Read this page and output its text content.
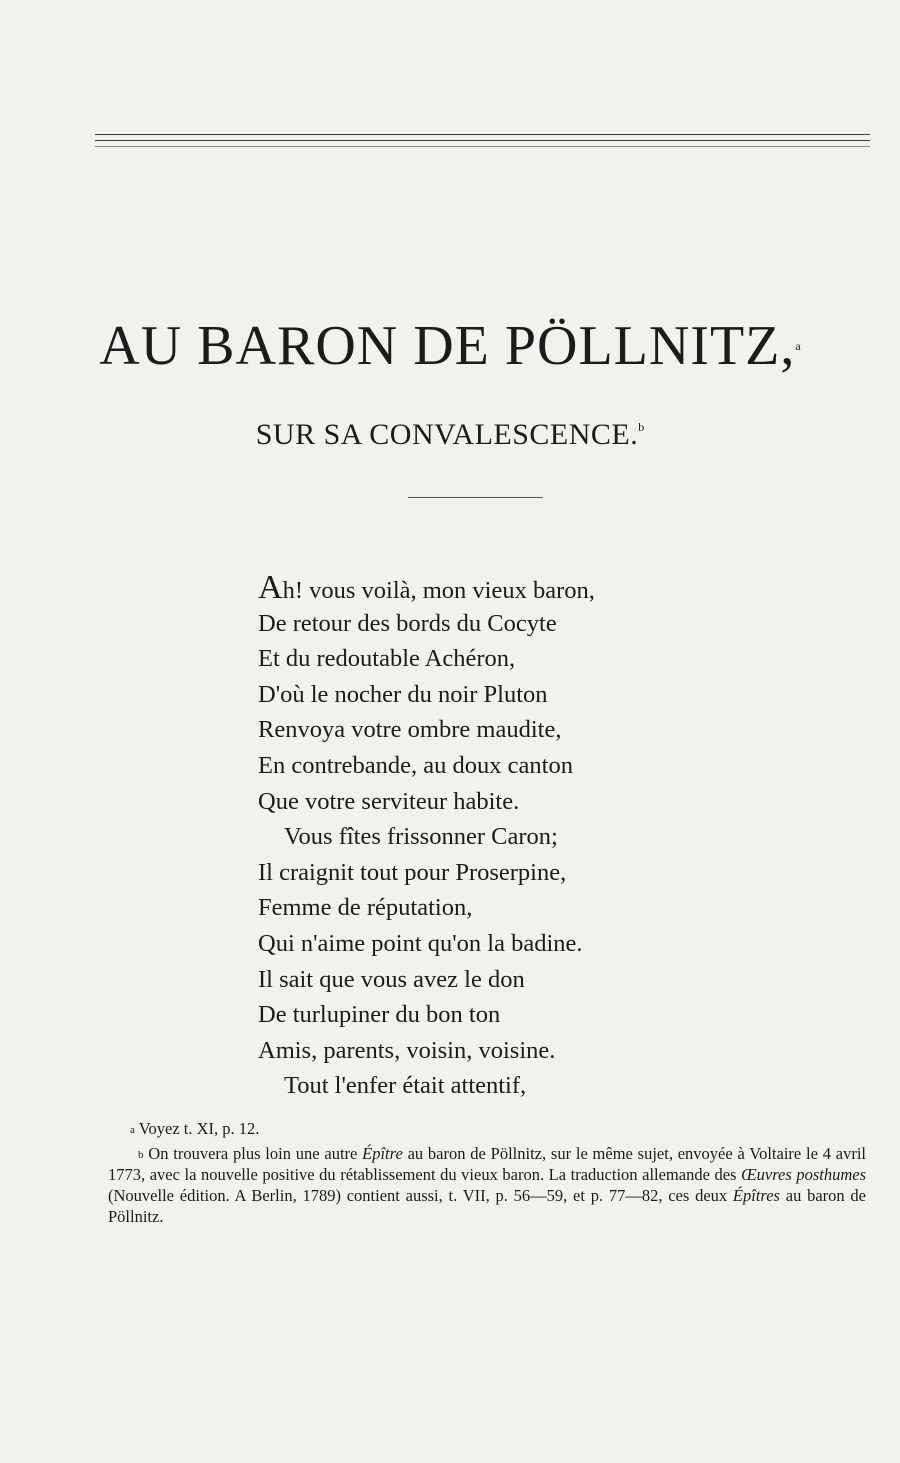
AU BARON DE PÖLLNITZ,$^a$
SUR SA CONVALESCENCE.$^b$
Ah! vous voilà, mon vieux baron,
De retour des bords du Cocyte
Et du redoutable Achéron,
D'où le nocher du noir Pluton
Renvoya votre ombre maudite,
En contrebande, au doux canton
Que votre serviteur habite.
Vous fîtes frissonner Caron;
Il craignit tout pour Proserpine,
Femme de réputation,
Qui n'aime point qu'on la badine.
Il sait que vous avez le don
De turlupiner du bon ton
Amis, parents, voisin, voisine.
Tout l'enfer était attentif,

$^a$ Voyez t. XI, p. 12.

$^b$ On trouvera plus loin une autre Épître au baron de Pöllnitz, sur le même sujet, envoyée à Voltaire le 4 avril 1773, avec la nouvelle positive du rétablissement du vieux baron. La traduction allemande des Œuvres posthumes (Nouvelle édition. A Berlin, 1789) contient aussi, t. VII, p. 56—59, et p. 77—82, ces deux Épîtres au baron de Pöllnitz.
